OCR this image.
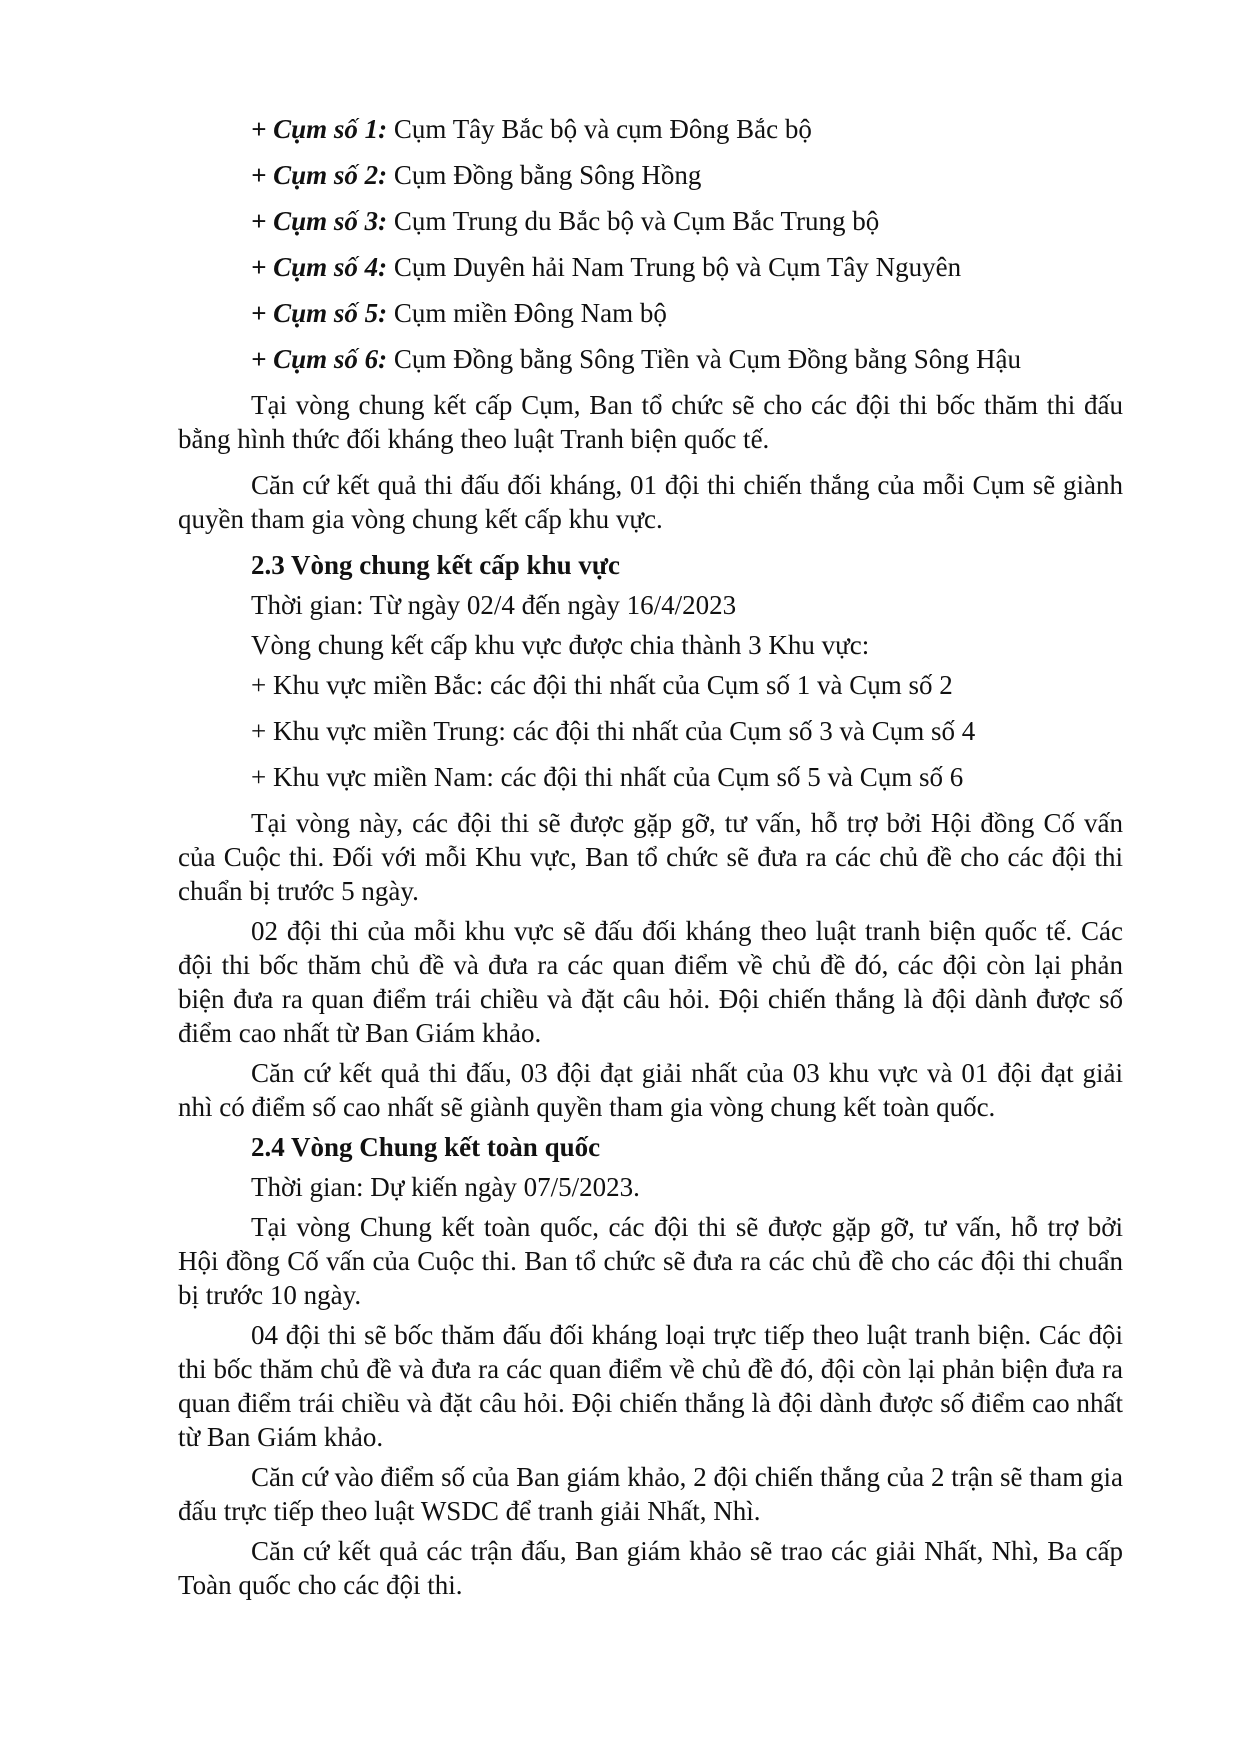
+ Cụm số 1: Cụm Tây Bắc bộ và cụm Đông Bắc bộ
+ Cụm số 2: Cụm Đồng bằng Sông Hồng
+ Cụm số 3: Cụm Trung du Bắc bộ và Cụm Bắc Trung bộ
+ Cụm số 4: Cụm Duyên hải Nam Trung bộ và Cụm Tây Nguyên
+ Cụm số 5: Cụm miền Đông Nam bộ
+ Cụm số 6: Cụm Đồng bằng Sông Tiền và Cụm Đồng bằng Sông Hậu

Tại vòng chung kết cấp Cụm, Ban tổ chức sẽ cho các đội thi bốc thăm thi đấu bằng hình thức đối kháng theo luật Tranh biện quốc tế.

Căn cứ kết quả thi đấu đối kháng, 01 đội thi chiến thắng của mỗi Cụm sẽ giành quyền tham gia vòng chung kết cấp khu vực.

2.3 Vòng chung kết cấp khu vực
Thời gian: Từ ngày 02/4 đến ngày 16/4/2023
Vòng chung kết cấp khu vực được chia thành 3 Khu vực:
+ Khu vực miền Bắc: các đội thi nhất của Cụm số 1 và Cụm số 2
+ Khu vực miền Trung: các đội thi nhất của Cụm số 3 và Cụm số 4
+ Khu vực miền Nam: các đội thi nhất của Cụm số 5 và Cụm số 6

Tại vòng này, các đội thi sẽ được gặp gỡ, tư vấn, hỗ trợ bởi Hội đồng Cố vấn của Cuộc thi. Đối với mỗi Khu vực, Ban tổ chức sẽ đưa ra các chủ đề cho các đội thi chuẩn bị trước 5 ngày.

02 đội thi của mỗi khu vực sẽ đấu đối kháng theo luật tranh biện quốc tế. Các đội thi bốc thăm chủ đề và đưa ra các quan điểm về chủ đề đó, các đội còn lại phản biện đưa ra quan điểm trái chiều và đặt câu hỏi. Đội chiến thắng là đội dành được số điểm cao nhất từ Ban Giám khảo.

Căn cứ kết quả thi đấu, 03 đội đạt giải nhất của 03 khu vực và 01 đội đạt giải nhì có điểm số cao nhất sẽ giành quyền tham gia vòng chung kết toàn quốc.

2.4 Vòng Chung kết toàn quốc
Thời gian: Dự kiến ngày 07/5/2023.

Tại vòng Chung kết toàn quốc, các đội thi sẽ được gặp gỡ, tư vấn, hỗ trợ bởi Hội đồng Cố vấn của Cuộc thi. Ban tổ chức sẽ đưa ra các chủ đề cho các đội thi chuẩn bị trước 10 ngày.

04 đội thi sẽ bốc thăm đấu đối kháng loại trực tiếp theo luật tranh biện. Các đội thi bốc thăm chủ đề và đưa ra các quan điểm về chủ đề đó, đội còn lại phản biện đưa ra quan điểm trái chiều và đặt câu hỏi. Đội chiến thắng là đội dành được số điểm cao nhất từ Ban Giám khảo.

Căn cứ vào điểm số của Ban giám khảo, 2 đội chiến thắng của 2 trận sẽ tham gia đấu trực tiếp theo luật WSDC để tranh giải Nhất, Nhì.

Căn cứ kết quả các trận đấu, Ban giám khảo sẽ trao các giải Nhất, Nhì, Ba cấp Toàn quốc cho các đội thi.
